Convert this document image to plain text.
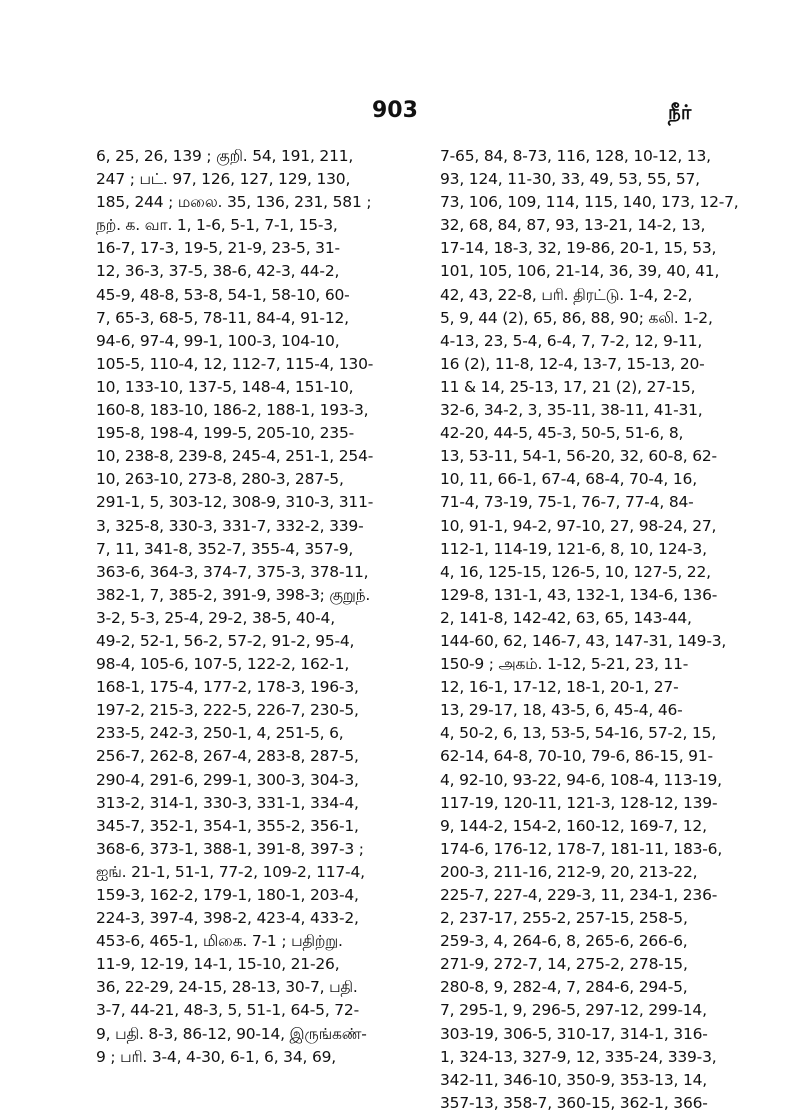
903	நீர்
6, 25, 26, 139 ; குறி. 54, 191, 211,
247 ; பட். 97, 126, 127, 129, 130,
185, 244 ; மலை. 35, 136, 231, 581 ;
நற். க. வா. 1, 1-6, 5-1, 7-1, 15-3,
16-7, 17-3, 19-5, 21-9, 23-5, 31-
12, 36-3, 37-5, 38-6, 42-3, 44-2,
45-9, 48-8, 53-8, 54-1, 58-10, 60-
7, 65-3, 68-5, 78-11, 84-4, 91-12,
94-6, 97-4, 99-1, 100-3, 104-10,
105-5, 110-4, 12, 112-7, 115-4, 130-
10, 133-10, 137-5, 148-4, 151-10,
160-8, 183-10, 186-2, 188-1, 193-3,
195-8, 198-4, 199-5, 205-10, 235-
10, 238-8, 239-8, 245-4, 251-1, 254-
10, 263-10, 273-8, 280-3, 287-5,
291-1, 5, 303-12, 308-9, 310-3, 311-
3, 325-8, 330-3, 331-7, 332-2, 339-
7, 11, 341-8, 352-7, 355-4, 357-9,
363-6, 364-3, 374-7, 375-3, 378-11,
382-1, 7, 385-2, 391-9, 398-3; குறுந்.
3-2, 5-3, 25-4, 29-2, 38-5, 40-4,
49-2, 52-1, 56-2, 57-2, 91-2, 95-4,
98-4, 105-6, 107-5, 122-2, 162-1,
168-1, 175-4, 177-2, 178-3, 196-3,
197-2, 215-3, 222-5, 226-7, 230-5,
233-5, 242-3, 250-1, 4, 251-5, 6,
256-7, 262-8, 267-4, 283-8, 287-5,
290-4, 291-6, 299-1, 300-3, 304-3,
313-2, 314-1, 330-3, 331-1, 334-4,
345-7, 352-1, 354-1, 355-2, 356-1,
368-6, 373-1, 388-1, 391-8, 397-3 ;
ஐங். 21-1, 51-1, 77-2, 109-2, 117-4,
159-3, 162-2, 179-1, 180-1, 203-4,
224-3, 397-4, 398-2, 423-4, 433-2,
453-6, 465-1, மிகை. 7-1 ; பதிற்று.
11-9, 12-19, 14-1, 15-10, 21-26,
36, 22-29, 24-15, 28-13, 30-7, பதி.
3-7, 44-21, 48-3, 5, 51-1, 64-5, 72-
9, பதி. 8-3, 86-12, 90-14, இருங்கண்-
9 ; பரி. 3-4, 4-30, 6-1, 6, 34, 69,
7-65, 84, 8-73, 116, 128, 10-12, 13,
93, 124, 11-30, 33, 49, 53, 55, 57,
73, 106, 109, 114, 115, 140, 173, 12-7,
32, 68, 84, 87, 93, 13-21, 14-2, 13,
17-14, 18-3, 32, 19-86, 20-1, 15, 53,
101, 105, 106, 21-14, 36, 39, 40, 41,
42, 43, 22-8, பரி. திரட்டு. 1-4, 2-2,
5, 9, 44 (2), 65, 86, 88, 90; கலி. 1-2,
4-13, 23, 5-4, 6-4, 7, 7-2, 12, 9-11,
16 (2), 11-8, 12-4, 13-7, 15-13, 20-
11 & 14, 25-13, 17, 21 (2), 27-15,
32-6, 34-2, 3, 35-11, 38-11, 41-31,
42-20, 44-5, 45-3, 50-5, 51-6, 8,
13, 53-11, 54-1, 56-20, 32, 60-8, 62-
10, 11, 66-1, 67-4, 68-4, 70-4, 16,
71-4, 73-19, 75-1, 76-7, 77-4, 84-
10, 91-1, 94-2, 97-10, 27, 98-24, 27,
112-1, 114-19, 121-6, 8, 10, 124-3,
4, 16, 125-15, 126-5, 10, 127-5, 22,
129-8, 131-1, 43, 132-1, 134-6, 136-
2, 141-8, 142-42, 63, 65, 143-44,
144-60, 62, 146-7, 43, 147-31, 149-3,
150-9 ; அகம். 1-12, 5-21, 23, 11-
12, 16-1, 17-12, 18-1, 20-1, 27-
13, 29-17, 18, 43-5, 6, 45-4, 46-
4, 50-2, 6, 13, 53-5, 54-16, 57-2, 15,
62-14, 64-8, 70-10, 79-6, 86-15, 91-
4, 92-10, 93-22, 94-6, 108-4, 113-19,
117-19, 120-11, 121-3, 128-12, 139-
9, 144-2, 154-2, 160-12, 169-7, 12,
174-6, 176-12, 178-7, 181-11, 183-6,
200-3, 211-16, 212-9, 20, 213-22,
225-7, 227-4, 229-3, 11, 234-1, 236-
2, 237-17, 255-2, 257-15, 258-5,
259-3, 4, 264-6, 8, 265-6, 266-6,
271-9, 272-7, 14, 275-2, 278-15,
280-8, 9, 282-4, 7, 284-6, 294-5,
7, 295-1, 9, 296-5, 297-12, 299-14,
303-19, 306-5, 310-17, 314-1, 316-
1, 324-13, 327-9, 12, 335-24, 339-3,
342-11, 346-10, 350-9, 353-13, 14,
357-13, 358-7, 360-15, 362-1, 366-
